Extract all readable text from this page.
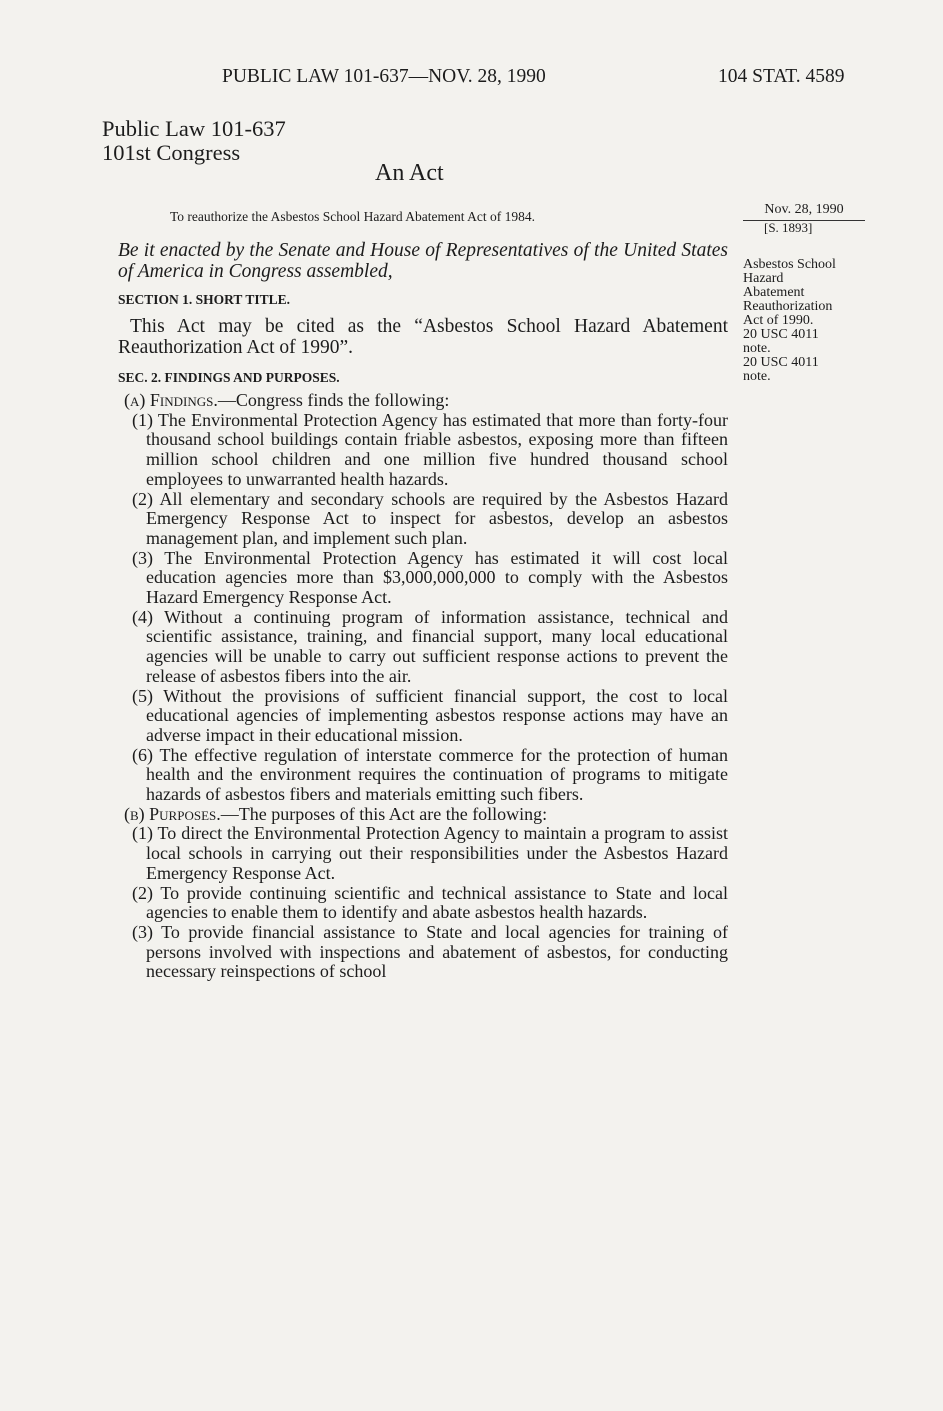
PUBLIC LAW 101-637—NOV. 28, 1990	104 STAT. 4589
Public Law 101-637
101st Congress
An Act
To reauthorize the Asbestos School Hazard Abatement Act of 1984.

Be it enacted by the Senate and House of Representatives of the United States of America in Congress assembled,

SECTION 1. SHORT TITLE.

This Act may be cited as the “Asbestos School Hazard Abatement Reauthorization Act of 1990”.

SEC. 2. FINDINGS AND PURPOSES.
(a) Findings.—Congress finds the following:
(1) The Environmental Protection Agency has estimated that more than forty-four thousand school buildings contain friable asbestos, exposing more than fifteen million school children and one million five hundred thousand school employees to unwarranted health hazards.
(2) All elementary and secondary schools are required by the Asbestos Hazard Emergency Response Act to inspect for asbestos, develop an asbestos management plan, and implement such plan.
(3) The Environmental Protection Agency has estimated it will cost local education agencies more than $3,000,000,000 to comply with the Asbestos Hazard Emergency Response Act.
(4) Without a continuing program of information assistance, technical and scientific assistance, training, and financial support, many local educational agencies will be unable to carry out sufficient response actions to prevent the release of asbestos fibers into the air.
(5) Without the provisions of sufficient financial support, the cost to local educational agencies of implementing asbestos response actions may have an adverse impact in their educational mission.
(6) The effective regulation of interstate commerce for the protection of human health and the environment requires the continuation of programs to mitigate hazards of asbestos fibers and materials emitting such fibers.
(b) Purposes.—The purposes of this Act are the following:
(1) To direct the Environmental Protection Agency to maintain a program to assist local schools in carrying out their responsibilities under the Asbestos Hazard Emergency Response Act.
(2) To provide continuing scientific and technical assistance to State and local agencies to enable them to identify and abate asbestos health hazards.
(3) To provide financial assistance to State and local agencies for training of persons involved with inspections and abatement of asbestos, for conducting necessary reinspections of school
Nov. 28, 1990
[S. 1893]
Asbestos School
Hazard
Abatement
Reauthorization
Act of 1990.
20 USC 4011
note.
20 USC 4011
note.
